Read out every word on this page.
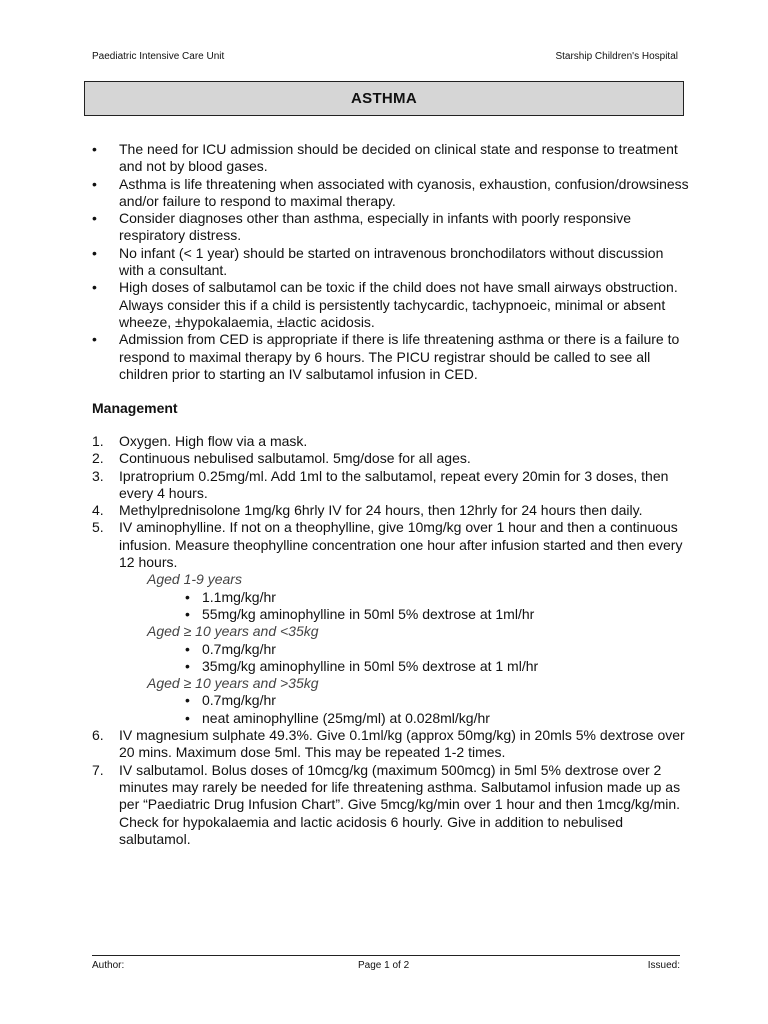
Paediatric Intensive Care Unit	Starship Children's Hospital
ASTHMA
• The need for ICU admission should be decided on clinical state and response to treatment and not by blood gases.
• Asthma is life threatening when associated with cyanosis, exhaustion, confusion/drowsiness and/or failure to respond to maximal therapy.
• Consider diagnoses other than asthma, especially in infants with poorly responsive respiratory distress.
• No infant (< 1 year) should be started on intravenous bronchodilators without discussion with a consultant.
• High doses of salbutamol can be toxic if the child does not have small airways obstruction. Always consider this if a child is persistently tachycardic, tachypnoeic, minimal or absent wheeze, ±hypokalaemia, ±lactic acidosis.
• Admission from CED is appropriate if there is life threatening asthma or there is a failure to respond to maximal therapy by 6 hours. The PICU registrar should be called to see all children prior to starting an IV salbutamol infusion in CED.
Management
1. Oxygen. High flow via a mask.
2. Continuous nebulised salbutamol. 5mg/dose for all ages.
3. Ipratroprium 0.25mg/ml. Add 1ml to the salbutamol, repeat every 20min for 3 doses, then every 4 hours.
4. Methylprednisolone 1mg/kg 6hrly IV for 24 hours, then 12hrly for 24 hours then daily.
5. IV aminophylline. If not on a theophylline, give 10mg/kg over 1 hour and then a continuous infusion. Measure theophylline concentration one hour after infusion started and then every 12 hours.
Aged 1-9 years
• 1.1mg/kg/hr
• 55mg/kg aminophylline in 50ml 5% dextrose at 1ml/hr
Aged ≥ 10 years and <35kg
• 0.7mg/kg/hr
• 35mg/kg aminophylline in 50ml 5% dextrose at 1 ml/hr
Aged ≥ 10 years and >35kg
• 0.7mg/kg/hr
• neat aminophylline (25mg/ml) at 0.028ml/kg/hr
6. IV magnesium sulphate 49.3%. Give 0.1ml/kg (approx 50mg/kg) in 20mls 5% dextrose over 20 mins. Maximum dose 5ml. This may be repeated 1-2 times.
7. IV salbutamol. Bolus doses of 10mcg/kg (maximum 500mcg) in 5ml 5% dextrose over 2 minutes may rarely be needed for life threatening asthma. Salbutamol infusion made up as per “Paediatric Drug Infusion Chart”. Give 5mcg/kg/min over 1 hour and then 1mcg/kg/min. Check for hypokalaemia and lactic acidosis 6 hourly. Give in addition to nebulised salbutamol.
Author:	Page 1 of 2	Issued:
